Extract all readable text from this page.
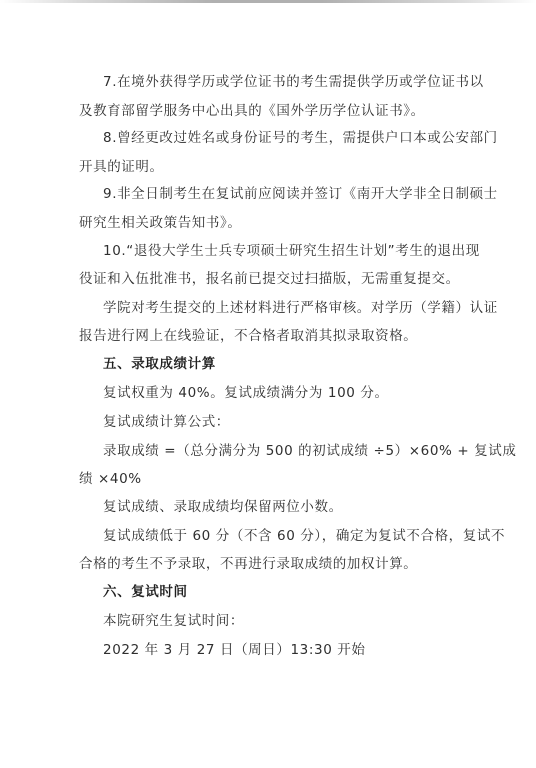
7.在境外获得学历或学位证书的考生需提供学历或学位证书以

及教育部留学服务中心出具的《国外学历学位认证书》。

8.曾经更改过姓名或身份证号的考生，需提供户口本或公安部门

开具的证明。

9.非全日制考生在复试前应阅读并签订《南开大学非全日制硕士

研究生相关政策告知书》。

10.“退役大学生士兵专项硕士研究生招生计划”考生的退出现

役证和入伍批准书，报名前已提交过扫描版，无需重复提交。

学院对考生提交的上述材料进行严格审核。对学历（学籍）认证

报告进行网上在线验证，不合格者取消其拟录取资格。

五、录取成绩计算

复试权重为 40%。复试成绩满分为 100 分。

复试成绩计算公式：

录取成绩 =（总分满分为 500 的初试成绩 ÷5）×60% + 复试成

绩 ×40%

复试成绩、录取成绩均保留两位小数。

复试成绩低于 60 分（不含 60 分），确定为复试不合格，复试不

合格的考生不予录取，不再进行录取成绩的加权计算。

六、复试时间

本院研究生复试时间：

2022 年 3 月 27 日（周日）13:30 开始
